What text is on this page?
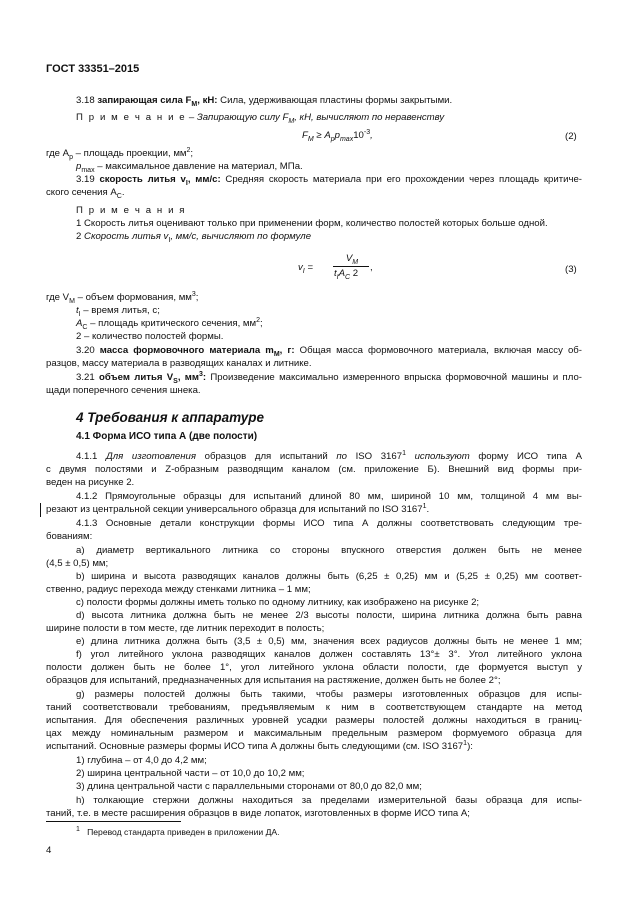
ГОСТ 33351–2015
3.18 запирающая сила $F_М$, кН: Сила, удерживающая пластины формы закрытыми.
П р и м е ч а н и е – Запирающую силу $F_М$, кН, вычисляют по неравенству
$F_М \ge A_pp_{max}10^{-3}$,	(2)
где $A_p$ – площадь проекции, $мм^2$;
$p_{max}$ – максимальное давление на материал, МПа.
3.19 скорость литья $v_I$, мм/с: Средняя скорость материала при его прохождении через площадь критиче-
ского сечения $A_C$.
П р и м е ч а н и я
1 Скорость литья оценивают только при применении форм, количество полостей которых больше одной.
2 Скорость литья $v_I$, мм/с, вычисляют по формуле
$v_I$ =
$V_M$
$t_IA_C$ 2
,	(3)
где $V_M$ – объем формования, $мм^3$;
$t_I$ – время литья, с;
$A_C$ – площадь критического сечения, $мм^2$;
2 – количество полостей формы.
3.20 масса формовочного материала $m_M$, г: Общая масса формовочного материала, включая массу об-
разцов, массу материала в разводящих каналах и литнике.
3.21 объем литья $V_S$, $мм^3$: Произведение максимально измеренного впрыска формовочной машины и пло-
щади поперечного сечения шнека.
4 Требования к аппаратуре
4.1 Форма ИСО типа А (две полости)
4.1.1 Для изготовления образцов для испытаний по ISO 3167$^1$ используют форму ИСО типа А
с двумя полостями и Z-образным разводящим каналом (см. приложение Б). Внешний вид формы при-
веден на рисунке 2.
4.1.2 Прямоугольные образцы для испытаний длиной 80 мм, шириной 10 мм, толщиной 4 мм вы-
резают из центральной секции универсального образца для испытаний по ISO 3167$^1$.
4.1.3 Основные детали конструкции формы ИСО типа А должны соответствовать следующим тре-
бованиям:
a) диаметр вертикального литника со стороны впускного отверстия должен быть не менее
(4,5 ± 0,5) мм;
b) ширина и высота разводящих каналов должны быть (6,25 ± 0,25) мм и (5,25 ± 0,25) мм соответ-
ственно, радиус перехода между стенками литника – 1 мм;
c) полости формы должны иметь только по одному литнику, как изображено на рисунке 2;
d) высота литника должна быть не менее 2/3 высоты полости, ширина литника должна быть равна
ширине полости в том месте, где литник переходит в полость;
e) длина литника должна быть (3,5 ± 0,5) мм, значения всех радиусов должны быть не менее 1 мм;
f) угол литейного уклона разводящих каналов должен составлять 13°± 3°. Угол литейного уклона
полости должен быть не более 1°, угол литейного уклона области полости, где формуется выступ у
образцов для испытаний, предназначенных для испытания на растяжение, должен быть не более 2°;
g) размеры полостей должны быть такими, чтобы размеры изготовленных образцов для испы-
таний соответствовали требованиям, предъявляемым к ним в соответствующем стандарте на метод
испытания. Для обеспечения различных уровней усадки размеры полостей должны находиться в границ-
цах между номинальным размером и максимальным предельным размером формуемого образца для
испытаний. Основные размеры формы ИСО типа А должны быть следующими (см. ISO 3167$^1$):
1) глубина – от 4,0 до 4,2 мм;
2) ширина центральной части – от 10,0 до 10,2 мм;
3) длина центральной части с параллельными сторонами от 80,0 до 82,0 мм;
h) толкающие стержни должны находиться за пределами измерительной базы образца для испы-
таний, т.е. в месте расширения образцов в виде лопаток, изготовленных в форме ИСО типа А;
$^1$ Перевод стандарта приведен в приложении ДА.
4
